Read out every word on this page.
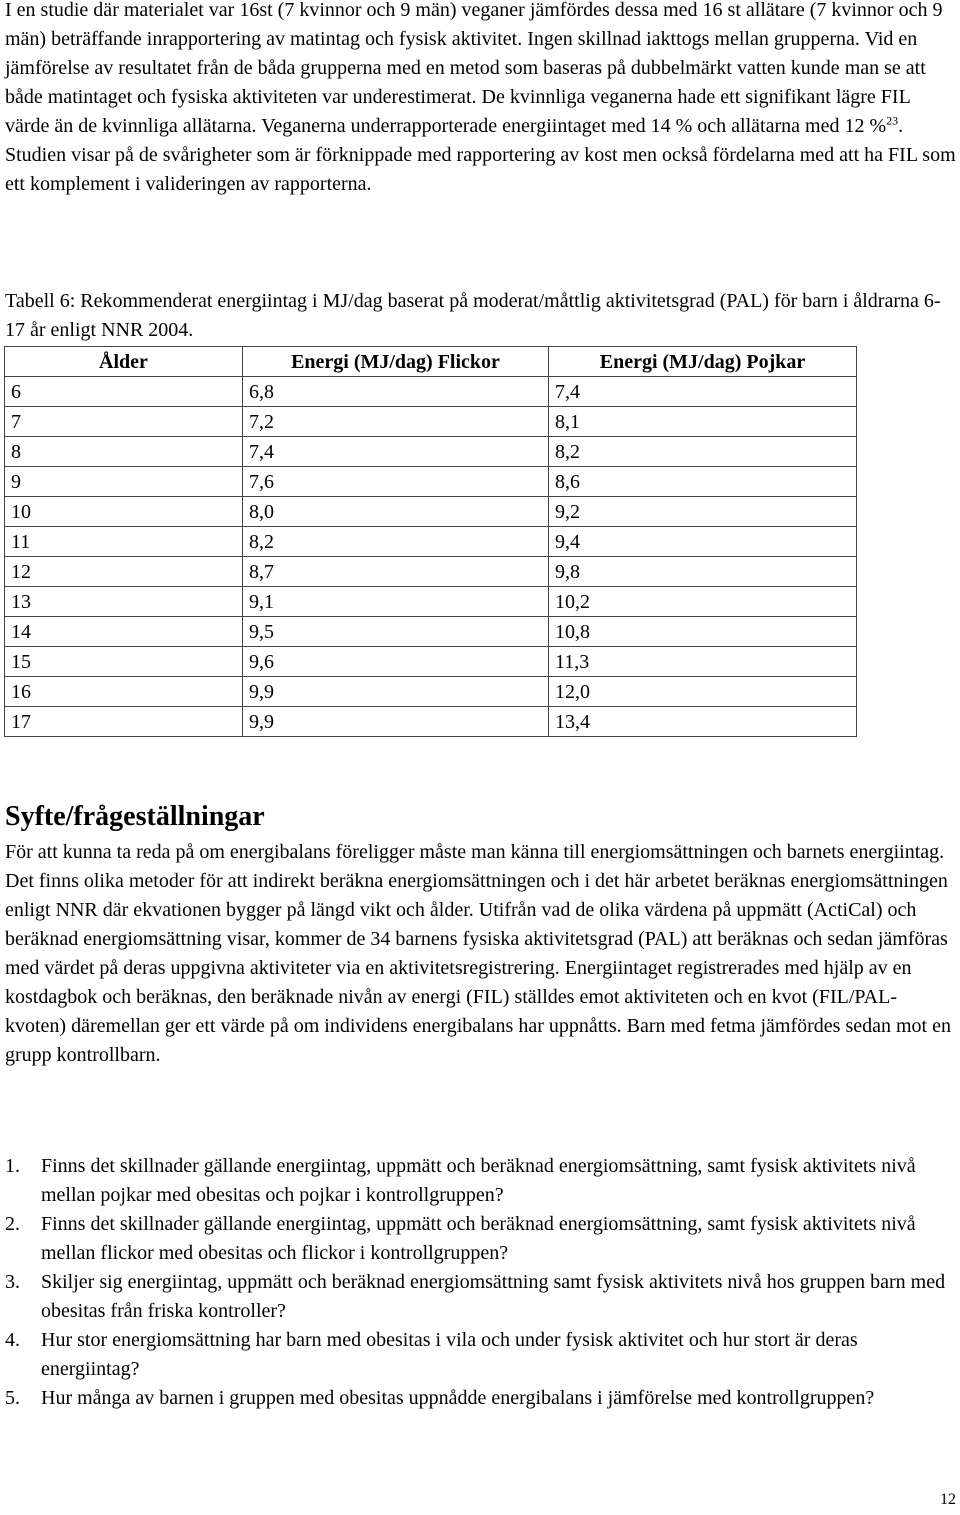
I en studie där materialet var 16st (7 kvinnor och 9 män) veganer jämfördes dessa med 16 st allätare (7 kvinnor och 9 män) beträffande inrapportering av matintag och fysisk aktivitet. Ingen skillnad iakttogs mellan grupperna. Vid en jämförelse av resultatet från de båda grupperna med en metod som baseras på dubbelmärkt vatten kunde man se att både matintaget och fysiska aktiviteten var underestimerat. De kvinnliga veganerna hade ett signifikant lägre FIL värde än de kvinnliga allätarna. Veganerna underrapporterade energiintaget med 14 % och allätarna med 12 %$^{23}$. Studien visar på de svårigheter som är förknippade med rapportering av kost men också fördelarna med att ha FIL som ett komplement i valideringen av rapporterna.

Tabell 6: Rekommenderat energiintag i MJ/dag baserat på moderat/måttlig aktivitetsgrad (PAL) för barn i åldrarna 6-17 år enligt NNR 2004.

Ålder	Energi (MJ/dag) Flickor	Energi (MJ/dag) Pojkar
6	6,8	7,4
7	7,2	8,1
8	7,4	8,2
9	7,6	8,6
10	8,0	9,2
11	8,2	9,4
12	8,7	9,8
13	9,1	10,2
14	9,5	10,8
15	9,6	11,3
16	9,9	12,0
17	9,9	13,4
Syfte/frågeställningar

För att kunna ta reda på om energibalans föreligger måste man känna till energiomsättningen och barnets energiintag. Det finns olika metoder för att indirekt beräkna energiomsättningen och i det här arbetet beräknas energiomsättningen enligt NNR där ekvationen bygger på längd vikt och ålder. Utifrån vad de olika värdena på uppmätt (ActiCal) och beräknad energiomsättning visar, kommer de 34 barnens fysiska aktivitetsgrad (PAL) att beräknas och sedan jämföras med värdet på deras uppgivna aktiviteter via en aktivitetsregistrering. Energiintaget registrerades med hjälp av en kostdagbok och beräknas, den beräknade nivån av energi (FIL) ställdes emot aktiviteten och en kvot (FIL/PAL-kvoten) däremellan ger ett värde på om individens energibalans har uppnåtts. Barn med fetma jämfördes sedan mot en grupp kontrollbarn.

1. Finns det skillnader gällande energiintag, uppmätt och beräknad energiomsättning, samt fysisk aktivitets nivå mellan pojkar med obesitas och pojkar i kontrollgruppen?
2. Finns det skillnader gällande energiintag, uppmätt och beräknad energiomsättning, samt fysisk aktivitets nivå mellan flickor med obesitas och flickor i kontrollgruppen?
3. Skiljer sig energiintag, uppmätt och beräknad energiomsättning samt fysisk aktivitets nivå hos gruppen barn med obesitas från friska kontroller?
4. Hur stor energiomsättning har barn med obesitas i vila och under fysisk aktivitet och hur stort är deras energiintag?
5. Hur många av barnen i gruppen med obesitas uppnådde energibalans i jämförelse med kontrollgruppen?
12
